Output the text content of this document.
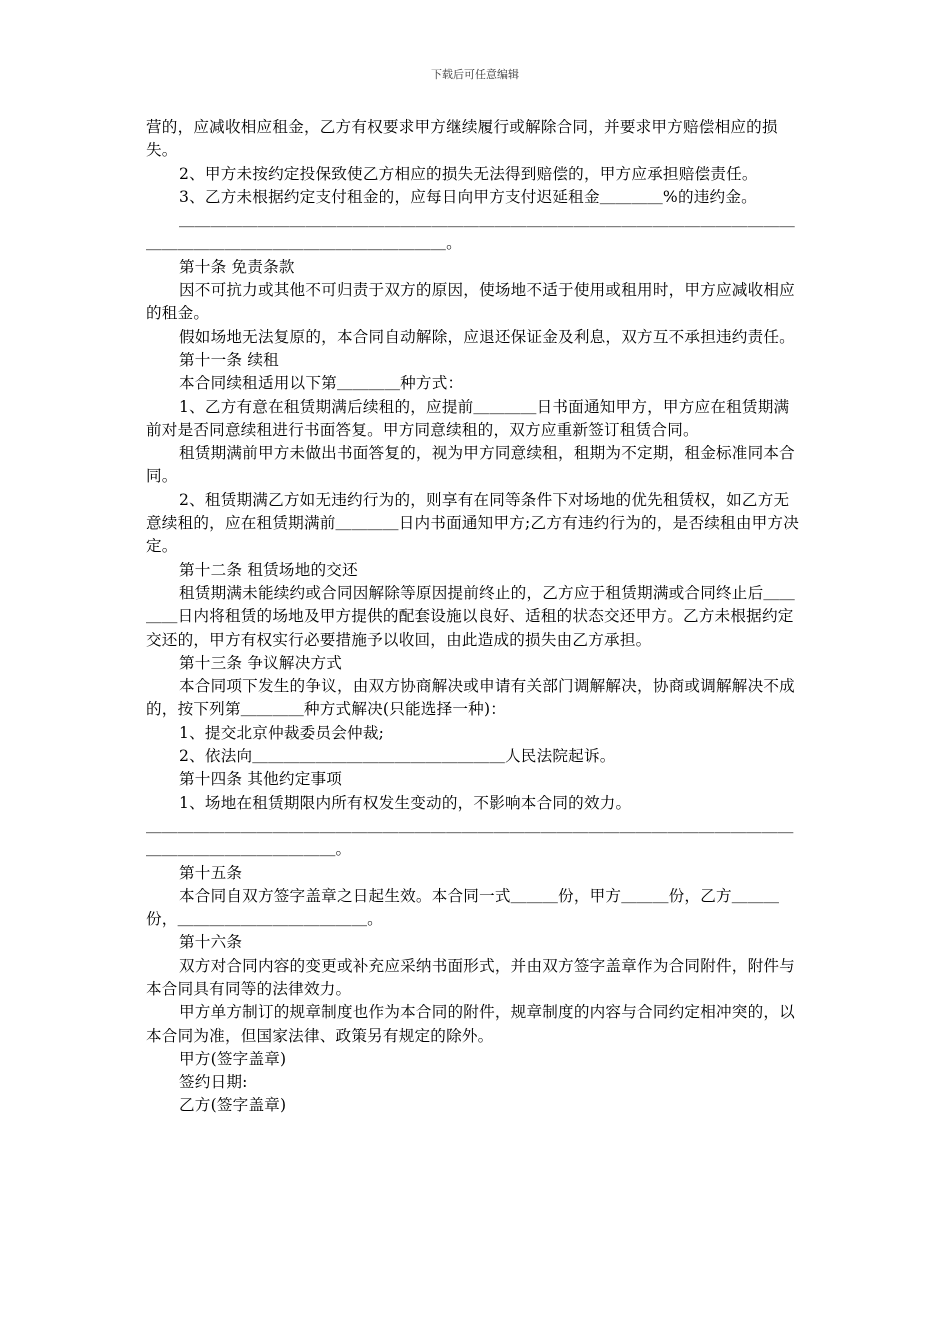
下载后可任意编辑

营的，应减收相应租金，乙方有权要求甲方继续履行或解除合同，并要求甲方赔偿相应的损失。

2、甲方未按约定投保致使乙方相应的损失无法得到赔偿的，甲方应承担赔偿责任。

3、乙方未根据约定支付租金的，应每日向甲方支付迟延租金＿＿＿＿%的违约金。

＿＿＿＿＿＿＿＿＿＿＿＿＿＿＿＿＿＿＿＿＿＿＿＿＿＿＿＿＿＿＿＿＿＿＿＿＿＿＿＿＿＿＿＿＿＿＿＿＿＿＿＿＿＿＿＿＿＿。

第十条 免责条款

因不可抗力或其他不可归责于双方的原因，使场地不适于使用或租用时，甲方应减收相应的租金。

假如场地无法复原的，本合同自动解除，应退还保证金及利息，双方互不承担违约责任。

第十一条 续租

本合同续租适用以下第＿＿＿＿种方式：

1、乙方有意在租赁期满后续租的，应提前＿＿＿＿日书面通知甲方，甲方应在租赁期满前对是否同意续租进行书面答复。甲方同意续租的，双方应重新签订租赁合同。

租赁期满前甲方未做出书面答复的，视为甲方同意续租，租期为不定期，租金标准同本合同。

2、租赁期满乙方如无违约行为的，则享有在同等条件下对场地的优先租赁权，如乙方无意续租的，应在租赁期满前＿＿＿＿日内书面通知甲方;乙方有违约行为的，是否续租由甲方决定。

第十二条 租赁场地的交还

租赁期满未能续约或合同因解除等原因提前终止的，乙方应于租赁期满或合同终止后＿＿＿＿日内将租赁的场地及甲方提供的配套设施以良好、适租的状态交还甲方。乙方未根据约定交还的，甲方有权实行必要措施予以收回，由此造成的损失由乙方承担。

第十三条 争议解决方式

本合同项下发生的争议，由双方协商解决或申请有关部门调解解决，协商或调解解决不成的，按下列第＿＿＿＿种方式解决(只能选择一种)：

1、提交北京仲裁委员会仲裁;

2、依法向＿＿＿＿＿＿＿＿＿＿＿＿＿＿＿＿人民法院起诉。

第十四条 其他约定事项

1、场地在租赁期限内所有权发生变动的，不影响本合同的效力。

＿＿＿＿＿＿＿＿＿＿＿＿＿＿＿＿＿＿＿＿＿＿＿＿＿＿＿＿＿＿＿＿＿＿＿＿＿＿＿＿＿＿＿＿＿＿＿＿＿＿＿＿＿。

第十五条

本合同自双方签字盖章之日起生效。本合同一式＿＿＿份，甲方＿＿＿份，乙方＿＿＿份，＿＿＿＿＿＿＿＿＿＿＿＿。

第十六条

双方对合同内容的变更或补充应采纳书面形式，并由双方签字盖章作为合同附件，附件与本合同具有同等的法律效力。

甲方单方制订的规章制度也作为本合同的附件，规章制度的内容与合同约定相冲突的，以本合同为准，但国家法律、政策另有规定的除外。

甲方(签字盖章)

签约日期:

乙方(签字盖章)
